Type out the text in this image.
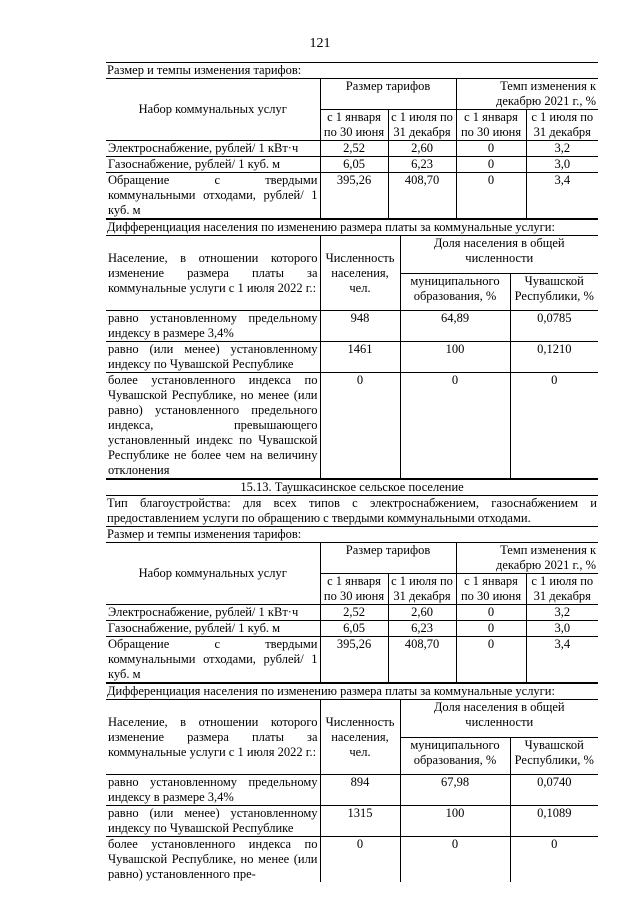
121
Размер и темпы изменения тарифов:
Набор коммунальных услуг	Размер тарифов		Темп изменения к декабрю 2021 г., %	
	с 1 января по 30 июня	с 1 июля по 31 декабря	с 1 января по 30 июня	с 1 июля по 31 декабря
Электроснабжение, рублей/ 1 кВт·ч	2,52	2,60	0	3,2
Газоснабжение, рублей/ 1 куб. м	6,05	6,23	0	3,0
Обращение с твердыми коммунальными отходами, рублей/ 1 куб. м	395,26	408,70	0	3,4
Дифференциация населения по изменению размера платы за коммунальные услуги:
Население, в отношении которого изменение размера платы за коммунальные услуги с 1 июля 2022 г.:	Численность населения, чел.	Доля населения в общей численности	
		муниципального образования, %	Чувашской Республики, %
равно установленному предельному индексу в размере 3,4%	948	64,89	0,0785
равно (или менее) установленному индексу по Чувашской Республике	1461	100	0,1210
более установленного индекса по Чувашской Республике, но менее (или равно) установленного предельного индекса, превышающего установленный индекс по Чувашской Республике не более чем на величину отклонения	0	0	0
15.13. Таушкасинское сельское поселение
Тип благоустройства: для всех типов с электроснабжением, газоснабжением и предоставлением услуги по обращению с твердыми коммунальными отходами.
Размер и темпы изменения тарифов:
Набор коммунальных услуг	Размер тарифов		Темп изменения к декабрю 2021 г., %	
	с 1 января по 30 июня	с 1 июля по 31 декабря	с 1 января по 30 июня	с 1 июля по 31 декабря
Электроснабжение, рублей/ 1 кВт·ч	2,52	2,60	0	3,2
Газоснабжение, рублей/ 1 куб. м	6,05	6,23	0	3,0
Обращение с твердыми коммунальными отходами, рублей/ 1 куб. м	395,26	408,70	0	3,4
Дифференциация населения по изменению размера платы за коммунальные услуги:
Население, в отношении которого изменение размера платы за коммунальные услуги с 1 июля 2022 г.:	Численность населения, чел.	Доля населения в общей численности	
		муниципального образования, %	Чувашской Республики, %
равно установленному предельному индексу в размере 3,4%	894	67,98	0,0740
равно (или менее) установленному индексу по Чувашской Республике	1315	100	0,1089
более установленного индекса по Чувашской Республике, но менее (или равно) установленного пре-	0	0	0
